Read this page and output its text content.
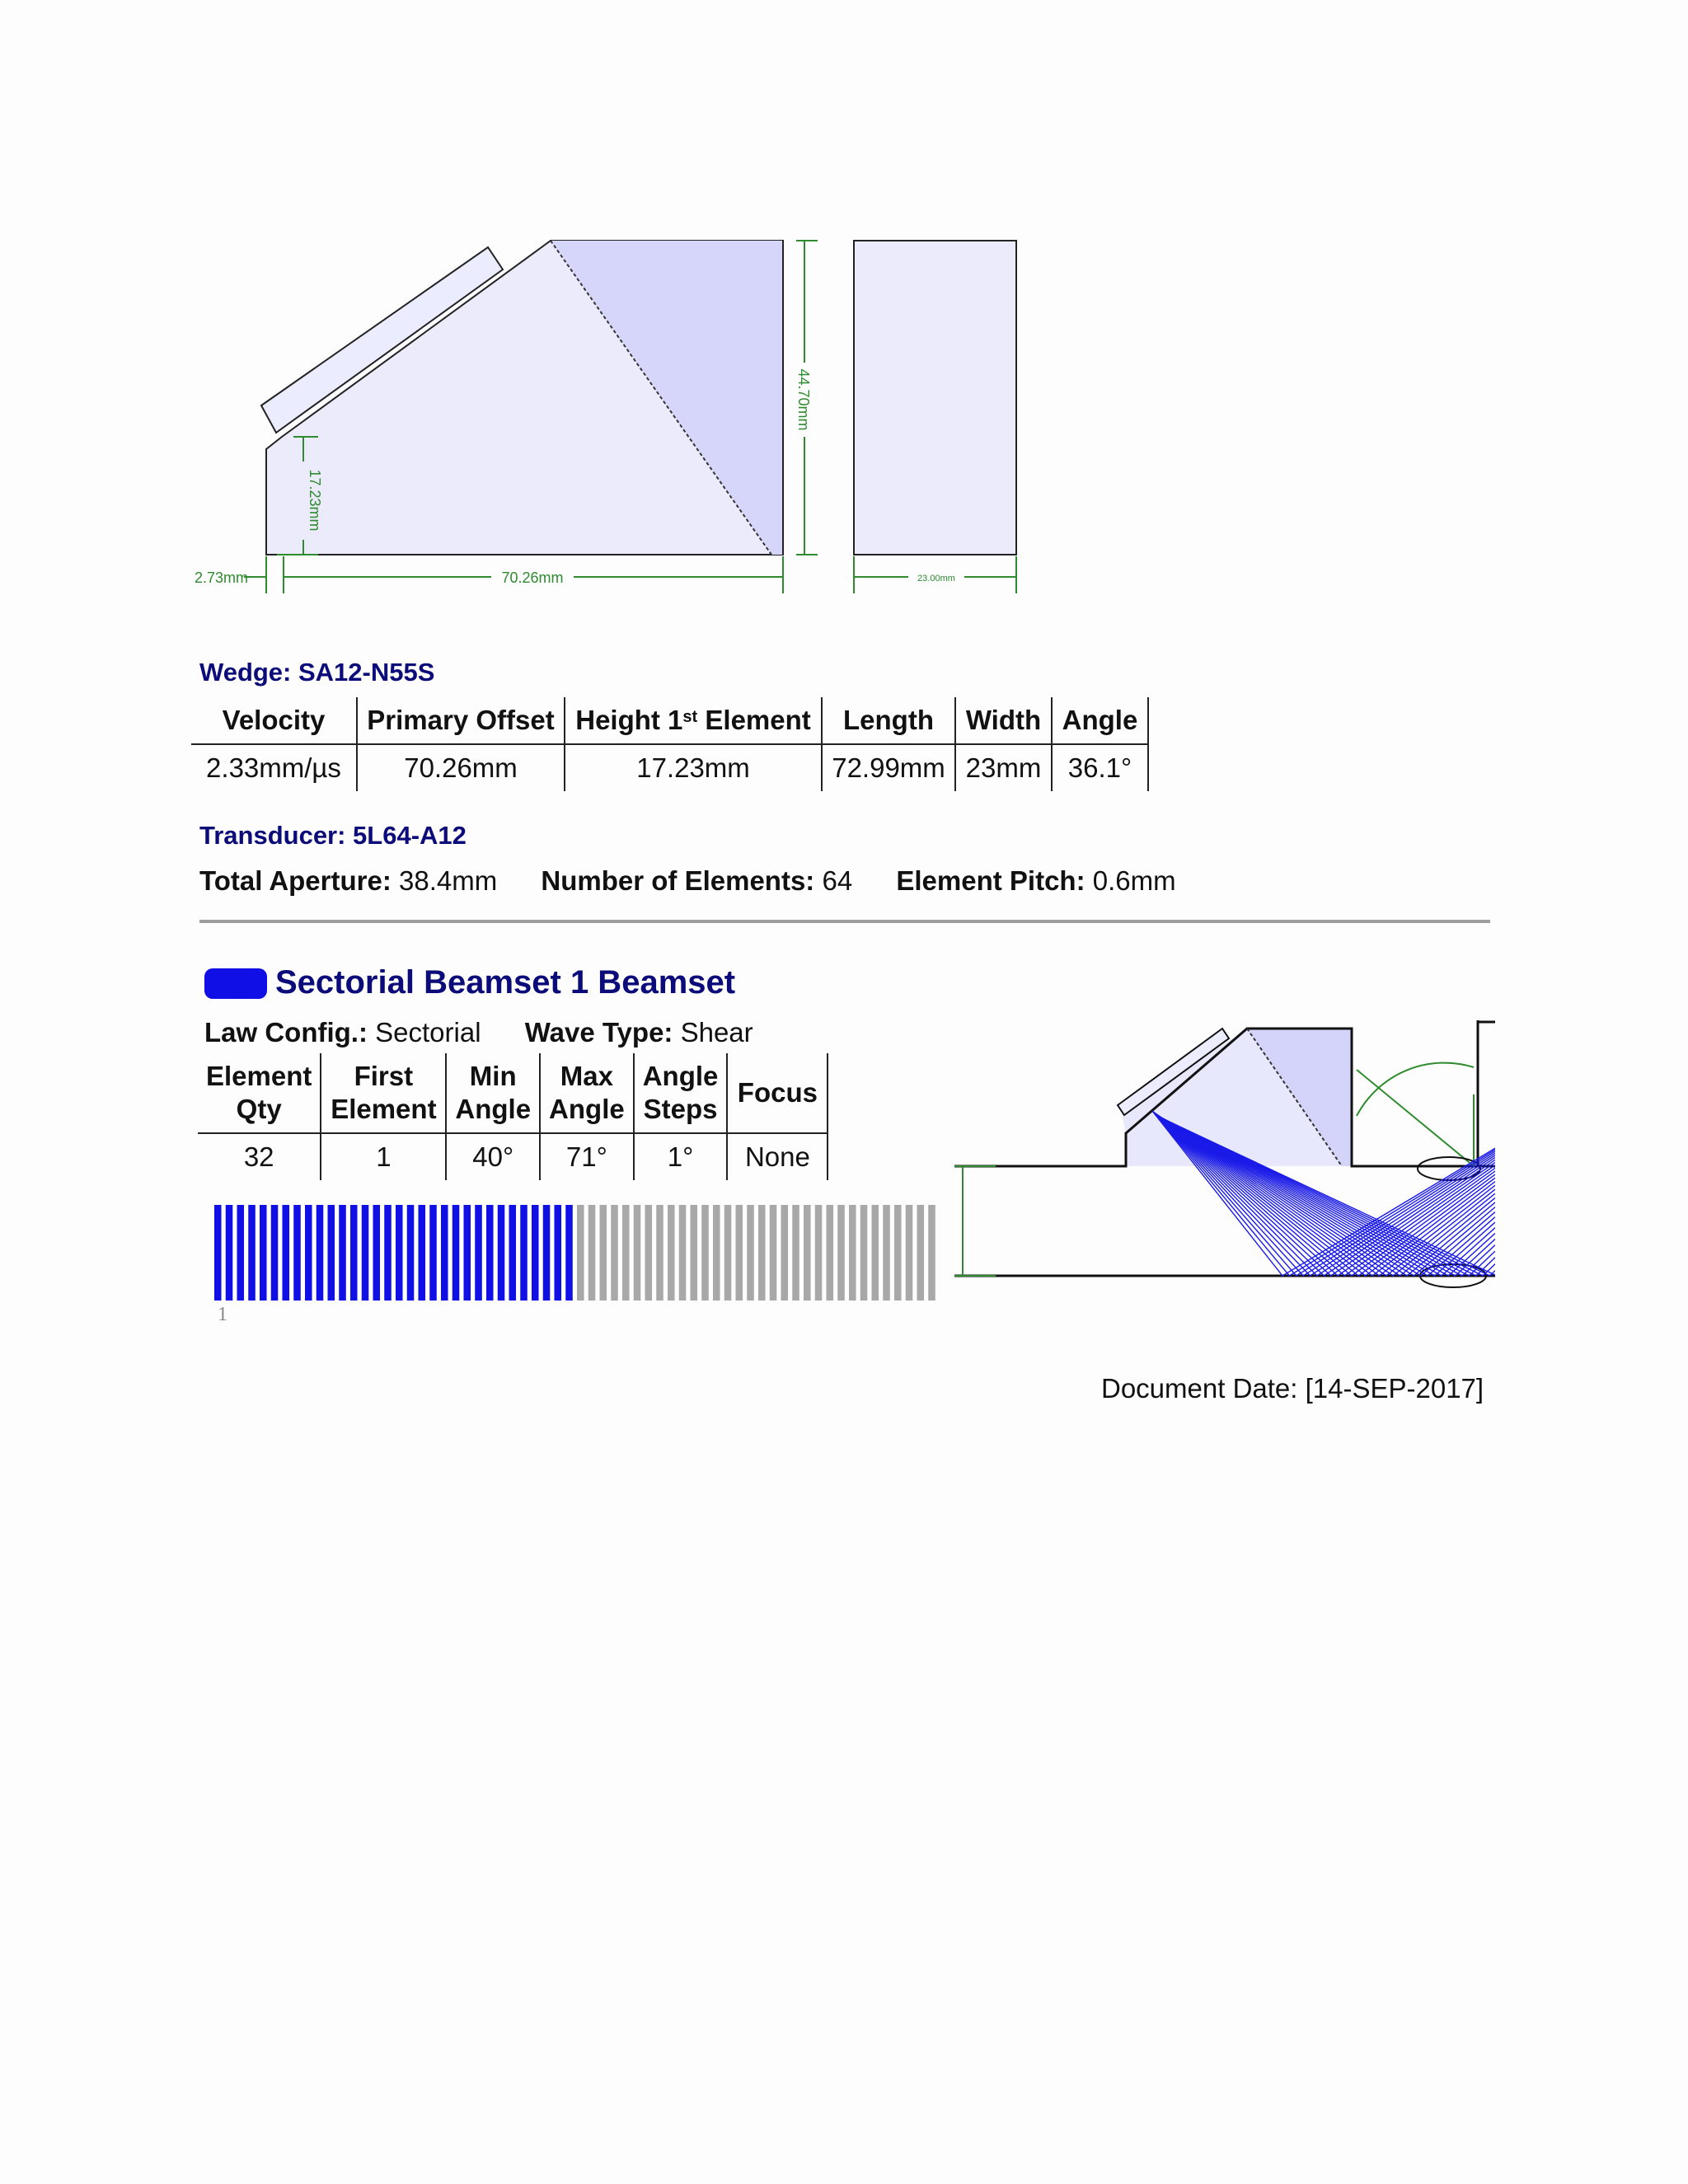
2.73mm	70.26mm
17.23mm
44.70mm
23.00mm
Wedge: SA12-N55S
Velocity	Primary Offset	Height 1st Element	Length	Width	Angle
2.33mm/µs	70.26mm	17.23mm	72.99mm	23mm	36.1°
Transducer: 5L64-A12
Total Aperture: 38.4mm Number of Elements: 64 Element Pitch: 0.6mm
Sectorial Beamset 1 Beamset
Law Config.: Sectorial Wave Type: Shear
Element Qty	First Element	Min Angle	Max Angle	Angle Steps	Focus
32	1	40°	71°	1°	None
1
Document Date: [14-SEP-2017]
